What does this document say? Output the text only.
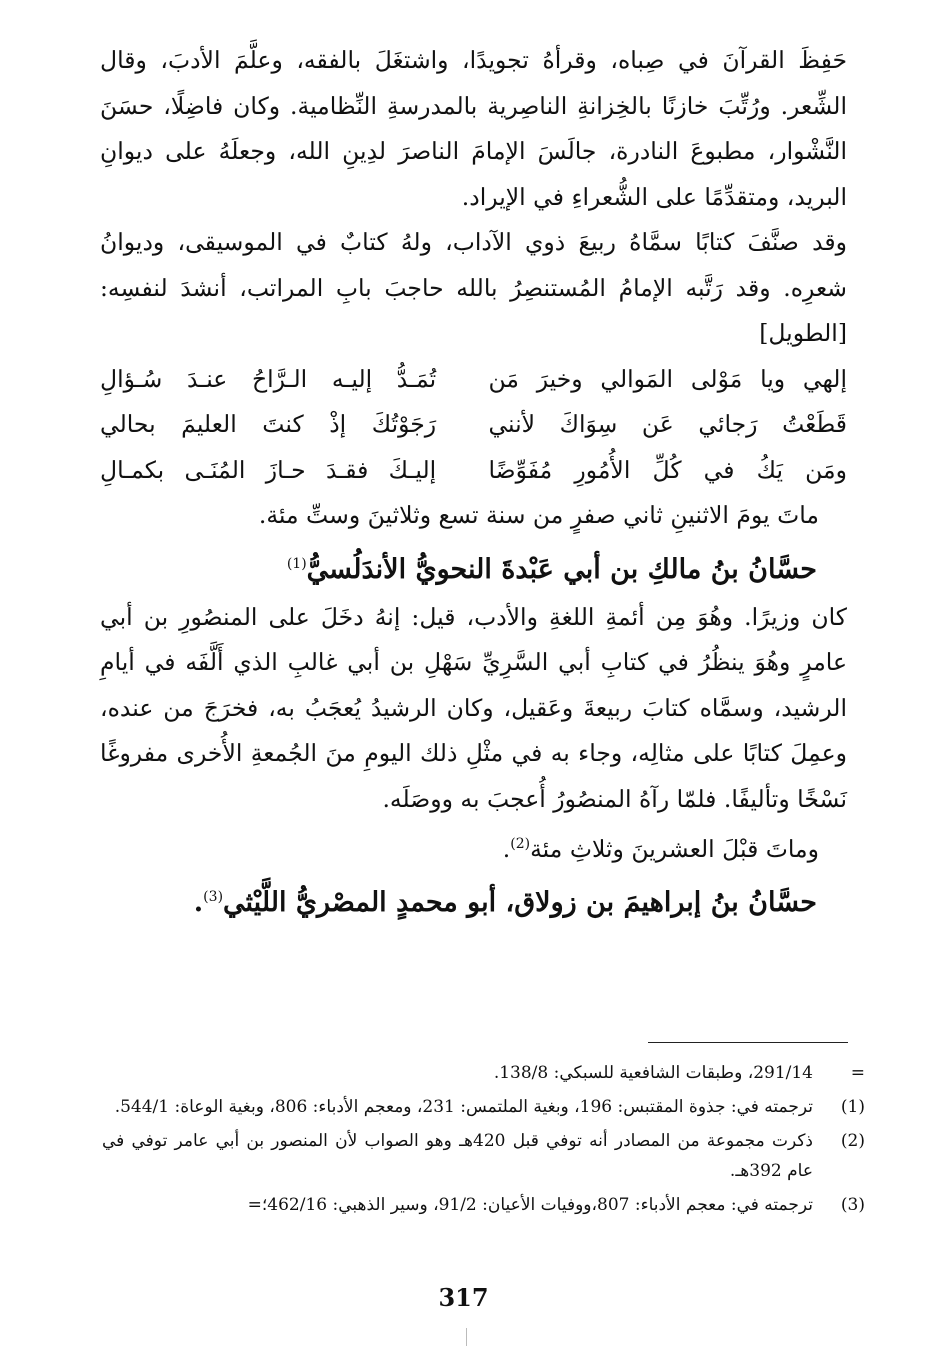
حَفِظَ القرآنَ في صِباه، وقرأهُ تجويدًا، واشتغَلَ بالفقه، وعلَّمَ الأدبَ، وقال الشِّعر. ورُتِّبَ خازنًا بالخِزانةِ الناصِرية بالمدرسةِ النِّظامية. وكان فاضِلًا، حسَنَ النَّشْوار، مطبوعَ النادرة، جالَسَ الإمامَ الناصرَ لدِينِ الله، وجعلَهُ على ديوانِ البريد، ومتقدِّمًا على الشُّعراءِ في الإيراد.

وقد صنَّفَ كتابًا سمَّاهُ ربيعَ ذوي الآداب، ولهُ كتابٌ في الموسيقى، وديوانُ شعرِه. وقد رَتَّبه الإمامُ المُستنصِرُ بالله حاجبَ بابِ المراتب، أنشدَ لنفسِه: [الطويل]

إلهي ويا مَوْلى المَوالي وخيرَ مَن
تُمَـدُّ إليـه الـرَّاحُ عنـدَ سُـؤالِ
قَطَعْتُ رَجائي عَن سِوَاكَ لأنني
رَجَوْتُكَ إذْ كنتَ العليمَ بحالي
ومَن يَكُ في كُلِّ الأُمُورِ مُفَوِّضًا
إليـكَ فقـدَ حـازَ المُنَـى بكمـالِ

ماتَ يومَ الاثنينِ ثاني صفرٍ من سنة تسع وثلاثينَ وستِّ مئة.

حسَّانُ بنُ مالكِ بن أبي عَبْدةَ النحويُّ الأندَلُسيُّ$^{(1)}$

كان وزيرًا. وهُوَ مِن أئمةِ اللغةِ والأدب، قيل: إنهُ دخَلَ على المنصُورِ بن أبي عامرٍ وهُوَ ينظُرُ في كتابِ أبي السَّرِيِّ سَهْلِ بن أبي غالبِ الذي أَلَّفَه في أيامِ الرشيد، وسمَّاه كتابَ ربيعةَ وعَقيل، وكان الرشيدُ يُعجَبُ به، فخرَجَ من عنده، وعمِلَ كتابًا على مثالِه، وجاء به في مثْلِ ذلك اليومِ منَ الجُمعةِ الأُخرى مفروغًا نَسْخًا وتأليفًا. فلمّا رآهُ المنصُورُ أُعجبَ به ووصَلَه.

وماتَ قبْلَ العشرينَ وثلاثِ مئة$^{(2)}$.

حسَّانُ بنُ إبراهيمَ بن زولاق، أبو محمدٍ المصْريُّ اللَّيْثي$^{(3)}$.

=
291/14، وطبقات الشافعية للسبكي: 138/8.
(1)
ترجمته في: جذوة المقتبس: 196، وبغية الملتمس: 231، ومعجم الأدباء: 806، وبغية الوعاة: 544/1.
(2)
ذكرت مجموعة من المصادر أنه توفي قبل 420هـ وهو الصواب لأن المنصور بن أبي عامر توفي في عام 392هـ.
(3)
ترجمته في: معجم الأدباء: 807،ووفيات الأعيان: 91/2، وسير الذهبي: 462/16؛=
317
